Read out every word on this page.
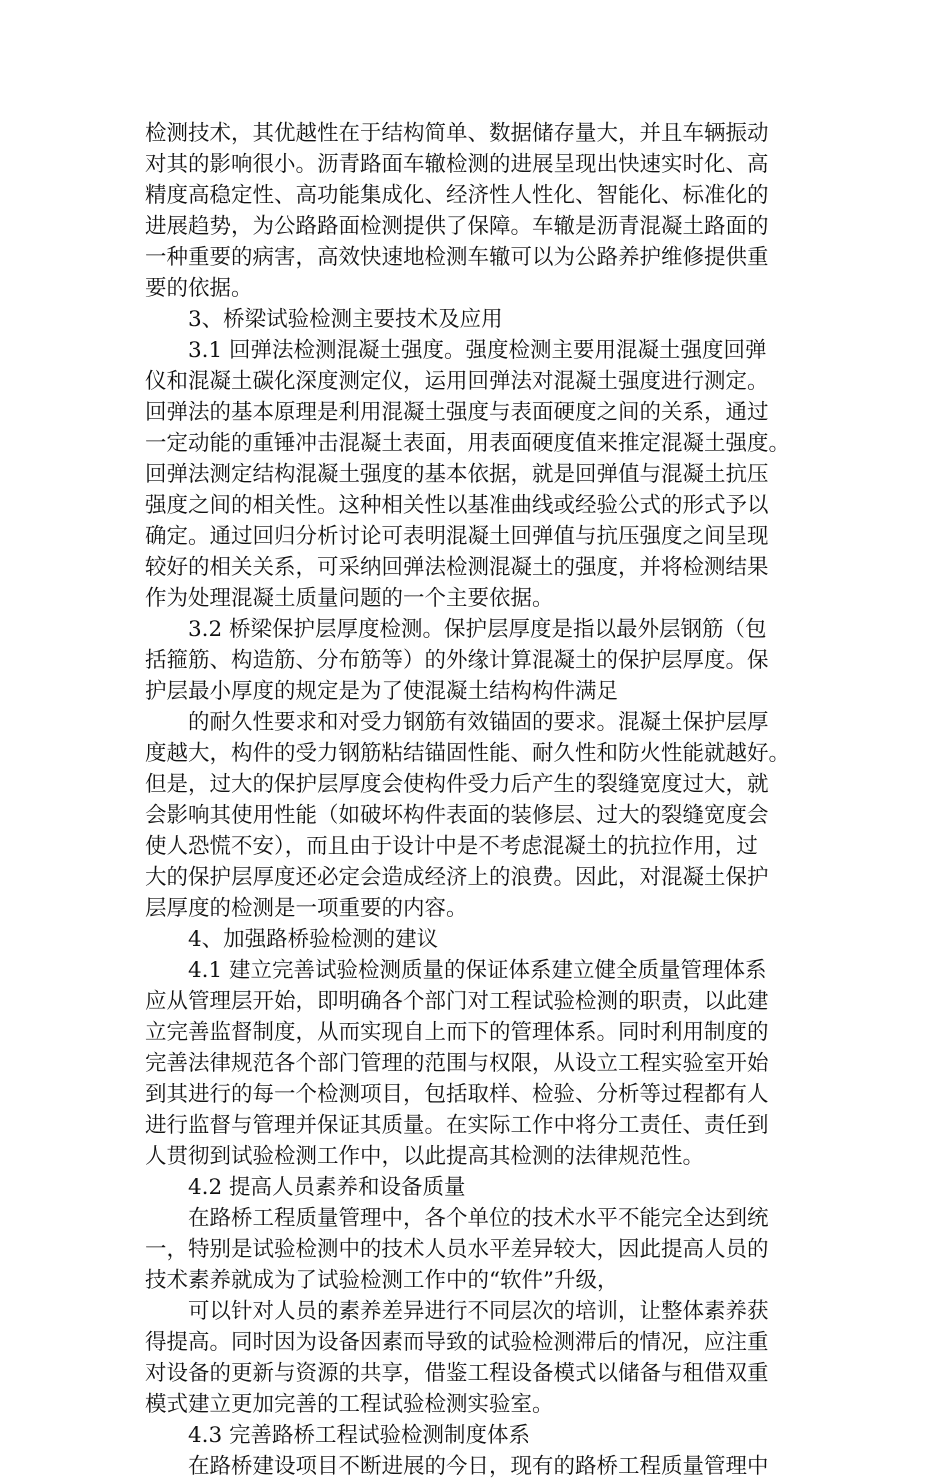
检测技术，其优越性在于结构简单、数据储存量大，并且车辆振动
对其的影响很小。沥青路面车辙检测的进展呈现出快速实时化、高
精度高稳定性、高功能集成化、经济性人性化、智能化、标准化的
进展趋势，为公路路面检测提供了保障。车辙是沥青混凝土路面的
一种重要的病害，高效快速地检测车辙可以为公路养护维修提供重
要的依据。
3、桥梁试验检测主要技术及应用
3.1 回弹法检测混凝土强度。强度检测主要用混凝土强度回弹
仪和混凝土碳化深度测定仪，运用回弹法对混凝土强度进行测定。
回弹法的基本原理是利用混凝土强度与表面硬度之间的关系，通过
一定动能的重锤冲击混凝土表面，用表面硬度值来推定混凝土强度。
回弹法测定结构混凝土强度的基本依据，就是回弹值与混凝土抗压
强度之间的相关性。这种相关性以基准曲线或经验公式的形式予以
确定。通过回归分析讨论可表明混凝土回弹值与抗压强度之间呈现
较好的相关关系，可采纳回弹法检测混凝土的强度，并将检测结果
作为处理混凝土质量问题的一个主要依据。
3.2 桥梁保护层厚度检测。保护层厚度是指以最外层钢筋（包
括箍筋、构造筋、分布筋等）的外缘计算混凝土的保护层厚度。保
护层最小厚度的规定是为了使混凝土结构构件满足
的耐久性要求和对受力钢筋有效锚固的要求。混凝土保护层厚
度越大，构件的受力钢筋粘结锚固性能、耐久性和防火性能就越好。
但是，过大的保护层厚度会使构件受力后产生的裂缝宽度过大，就
会影响其使用性能（如破坏构件表面的装修层、过大的裂缝宽度会
使人恐慌不安），而且由于设计中是不考虑混凝土的抗拉作用，过
大的保护层厚度还必定会造成经济上的浪费。因此，对混凝土保护
层厚度的检测是一项重要的内容。
4、加强路桥验检测的建议
4.1 建立完善试验检测质量的保证体系建立健全质量管理体系
应从管理层开始，即明确各个部门对工程试验检测的职责，以此建
立完善监督制度，从而实现自上而下的管理体系。同时利用制度的
完善法律规范各个部门管理的范围与权限，从设立工程实验室开始
到其进行的每一个检测项目，包括取样、检验、分析等过程都有人
进行监督与管理并保证其质量。在实际工作中将分工责任、责任到
人贯彻到试验检测工作中，以此提高其检测的法律规范性。
4.2 提高人员素养和设备质量
在路桥工程质量管理中，各个单位的技术水平不能完全达到统
一，特别是试验检测中的技术人员水平差异较大，因此提高人员的
技术素养就成为了试验检测工作中的“软件”升级，
可以针对人员的素养差异进行不同层次的培训，让整体素养获
得提高。同时因为设备因素而导致的试验检测滞后的情况，应注重
对设备的更新与资源的共享，借鉴工程设备模式以储备与租借双重
模式建立更加完善的工程试验检测实验室。
4.3 完善路桥工程试验检测制度体系
在路桥建设项目不断进展的今日，现有的路桥工程质量管理中
